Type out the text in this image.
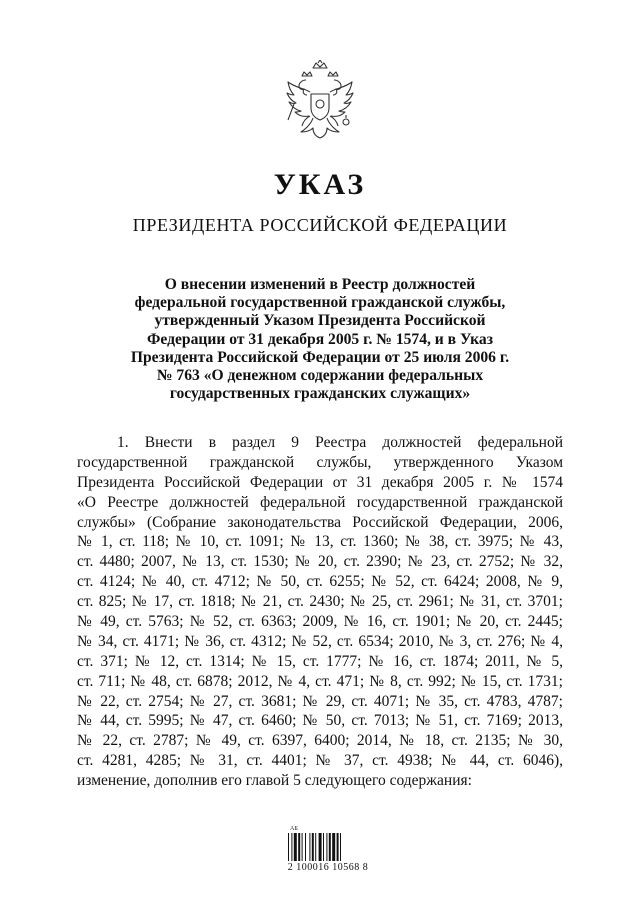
УКАЗ
ПРЕЗИДЕНТА РОССИЙСКОЙ ФЕДЕРАЦИИ
О внесении изменений в Реестр должностей
федеральной государственной гражданской службы,
утвержденный Указом Президента Российской
Федерации от 31 декабря 2005 г. № 1574, и в Указ
Президента Российской Федерации от 25 июля 2006 г.
№ 763 «О денежном содержании федеральных
государственных гражданских служащих»
1. Внести в раздел 9 Реестра должностей федеральной
государственной гражданской службы, утвержденного Указом
Президента Российской Федерации от 31 декабря 2005 г. № 1574
«О Реестре должностей федеральной государственной гражданской
службы» (Собрание законодательства Российской Федерации, 2006,
№ 1, ст. 118; № 10, ст. 1091; № 13, ст. 1360; № 38, ст. 3975; № 43,
ст. 4480; 2007, № 13, ст. 1530; № 20, ст. 2390; № 23, ст. 2752; № 32,
ст. 4124; № 40, ст. 4712; № 50, ст. 6255; № 52, ст. 6424; 2008, № 9,
ст. 825; № 17, ст. 1818; № 21, ст. 2430; № 25, ст. 2961; № 31, ст. 3701;
№ 49, ст. 5763; № 52, ст. 6363; 2009, № 16, ст. 1901; № 20, ст. 2445;
№ 34, ст. 4171; № 36, ст. 4312; № 52, ст. 6534; 2010, № 3, ст. 276; № 4,
ст. 371; № 12, ст. 1314; № 15, ст. 1777; № 16, ст. 1874; 2011, № 5,
ст. 711; № 48, ст. 6878; 2012, № 4, ст. 471; № 8, ст. 992; № 15, ст. 1731;
№ 22, ст. 2754; № 27, ст. 3681; № 29, ст. 4071; № 35, ст. 4783, 4787;
№ 44, ст. 5995; № 47, ст. 6460; № 50, ст. 7013; № 51, ст. 7169; 2013,
№ 22, ст. 2787; № 49, ст. 6397, 6400; 2014, № 18, ст. 2135; № 30,
ст. 4281, 4285; № 31, ст. 4401; № 37, ст. 4938; № 44, ст. 6046),
изменение, дополнив его главой 5 следующего содержания:
АБ
2 100016 10568 8
